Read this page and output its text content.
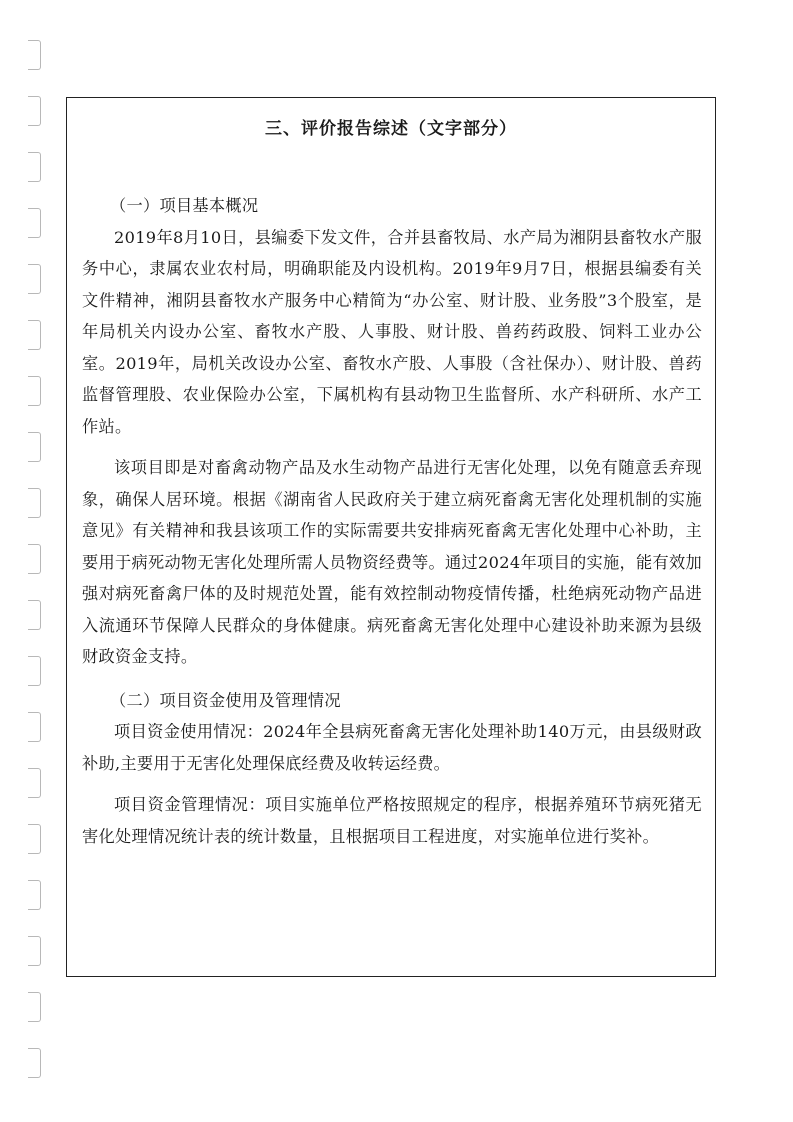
三、评价报告综述（文字部分）
（一）项目基本概况

2019年8月10日，县编委下发文件，合并县畜牧局、水产局为湘阴县畜牧水产服务中心，隶属农业农村局，明确职能及内设机构。2019年9月7日，根据县编委有关文件精神，湘阴县畜牧水产服务中心精简为“办公室、财计股、业务股”3个股室，是年局机关内设办公室、畜牧水产股、人事股、财计股、兽药药政股、饲料工业办公室。2019年，局机关改设办公室、畜牧水产股、人事股（含社保办）、财计股、兽药监督管理股、农业保险办公室，下属机构有县动物卫生监督所、水产科研所、水产工作站。

该项目即是对畜禽动物产品及水生动物产品进行无害化处理，以免有随意丢弃现象，确保人居环境。根据《湖南省人民政府关于建立病死畜禽无害化处理机制的实施意见》有关精神和我县该项工作的实际需要共安排病死畜禽无害化处理中心补助，主要用于病死动物无害化处理所需人员物资经费等。通过2024年项目的实施，能有效加强对病死畜禽尸体的及时规范处置，能有效控制动物疫情传播，杜绝病死动物产品进入流通环节保障人民群众的身体健康。病死畜禽无害化处理中心建设补助来源为县级财政资金支持。

（二）项目资金使用及管理情况

项目资金使用情况：2024年全县病死畜禽无害化处理补助140万元，由县级财政补助,主要用于无害化处理保底经费及收转运经费。

项目资金管理情况：项目实施单位严格按照规定的程序，根据养殖环节病死猪无害化处理情况统计表的统计数量，且根据项目工程进度，对实施单位进行奖补。
